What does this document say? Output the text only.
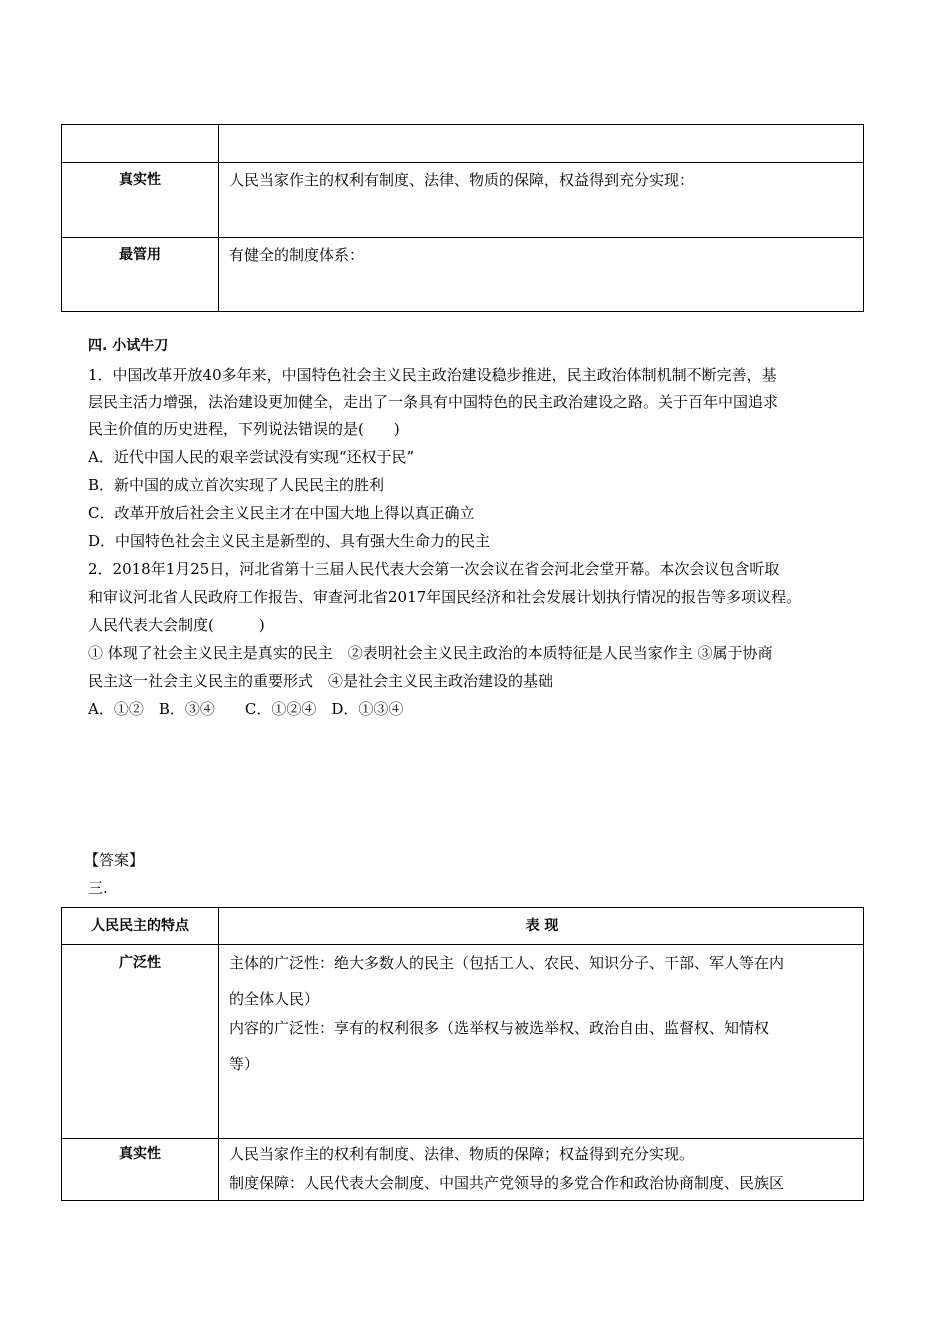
真实性	人民当家作主的权利有制度、法律、物质的保障，权益得到充分实现：

最管用	有健全的制度体系：
四. 小试牛刀
1．中国改革开放40多年来，中国特色社会主义民主政治建设稳步推进，民主政治体制机制不断完善，基
层民主活力增强，法治建设更加健全，走出了一条具有中国特色的民主政治建设之路。关于百年中国追求
民主价值的历史进程，下列说法错误的是(　　)
A．近代中国人民的艰辛尝试没有实现“还权于民”
B．新中国的成立首次实现了人民民主的胜利
C．改革开放后社会主义民主才在中国大地上得以真正确立
D．中国特色社会主义民主是新型的、具有强大生命力的民主
2．2018年1月25日，河北省第十三届人民代表大会第一次会议在省会河北会堂开幕。本次会议包含听取
和审议河北省人民政府工作报告、审查河北省2017年国民经济和社会发展计划执行情况的报告等多项议程。
人民代表大会制度(　　　)
① 体现了社会主义民主是真实的民主　②表明社会主义民主政治的本质特征是人民当家作主 ③属于协商
民主这一社会主义民主的重要形式　④是社会主义民主政治建设的基础
A．①②　B．③④　　C．①②④　D．①③④
【答案】
三.
人民民主的特点	表 现

广泛性	主体的广泛性：绝大多数人的民主（包括工人、农民、知识分子、干部、军人等在内
的全体人民）
内容的广泛性：享有的权利很多（选举权与被选举权、政治自由、监督权、知情权
等）

真实性	人民当家作主的权利有制度、法律、物质的保障；权益得到充分实现。
制度保障：人民代表大会制度、中国共产党领导的多党合作和政治协商制度、民族区
